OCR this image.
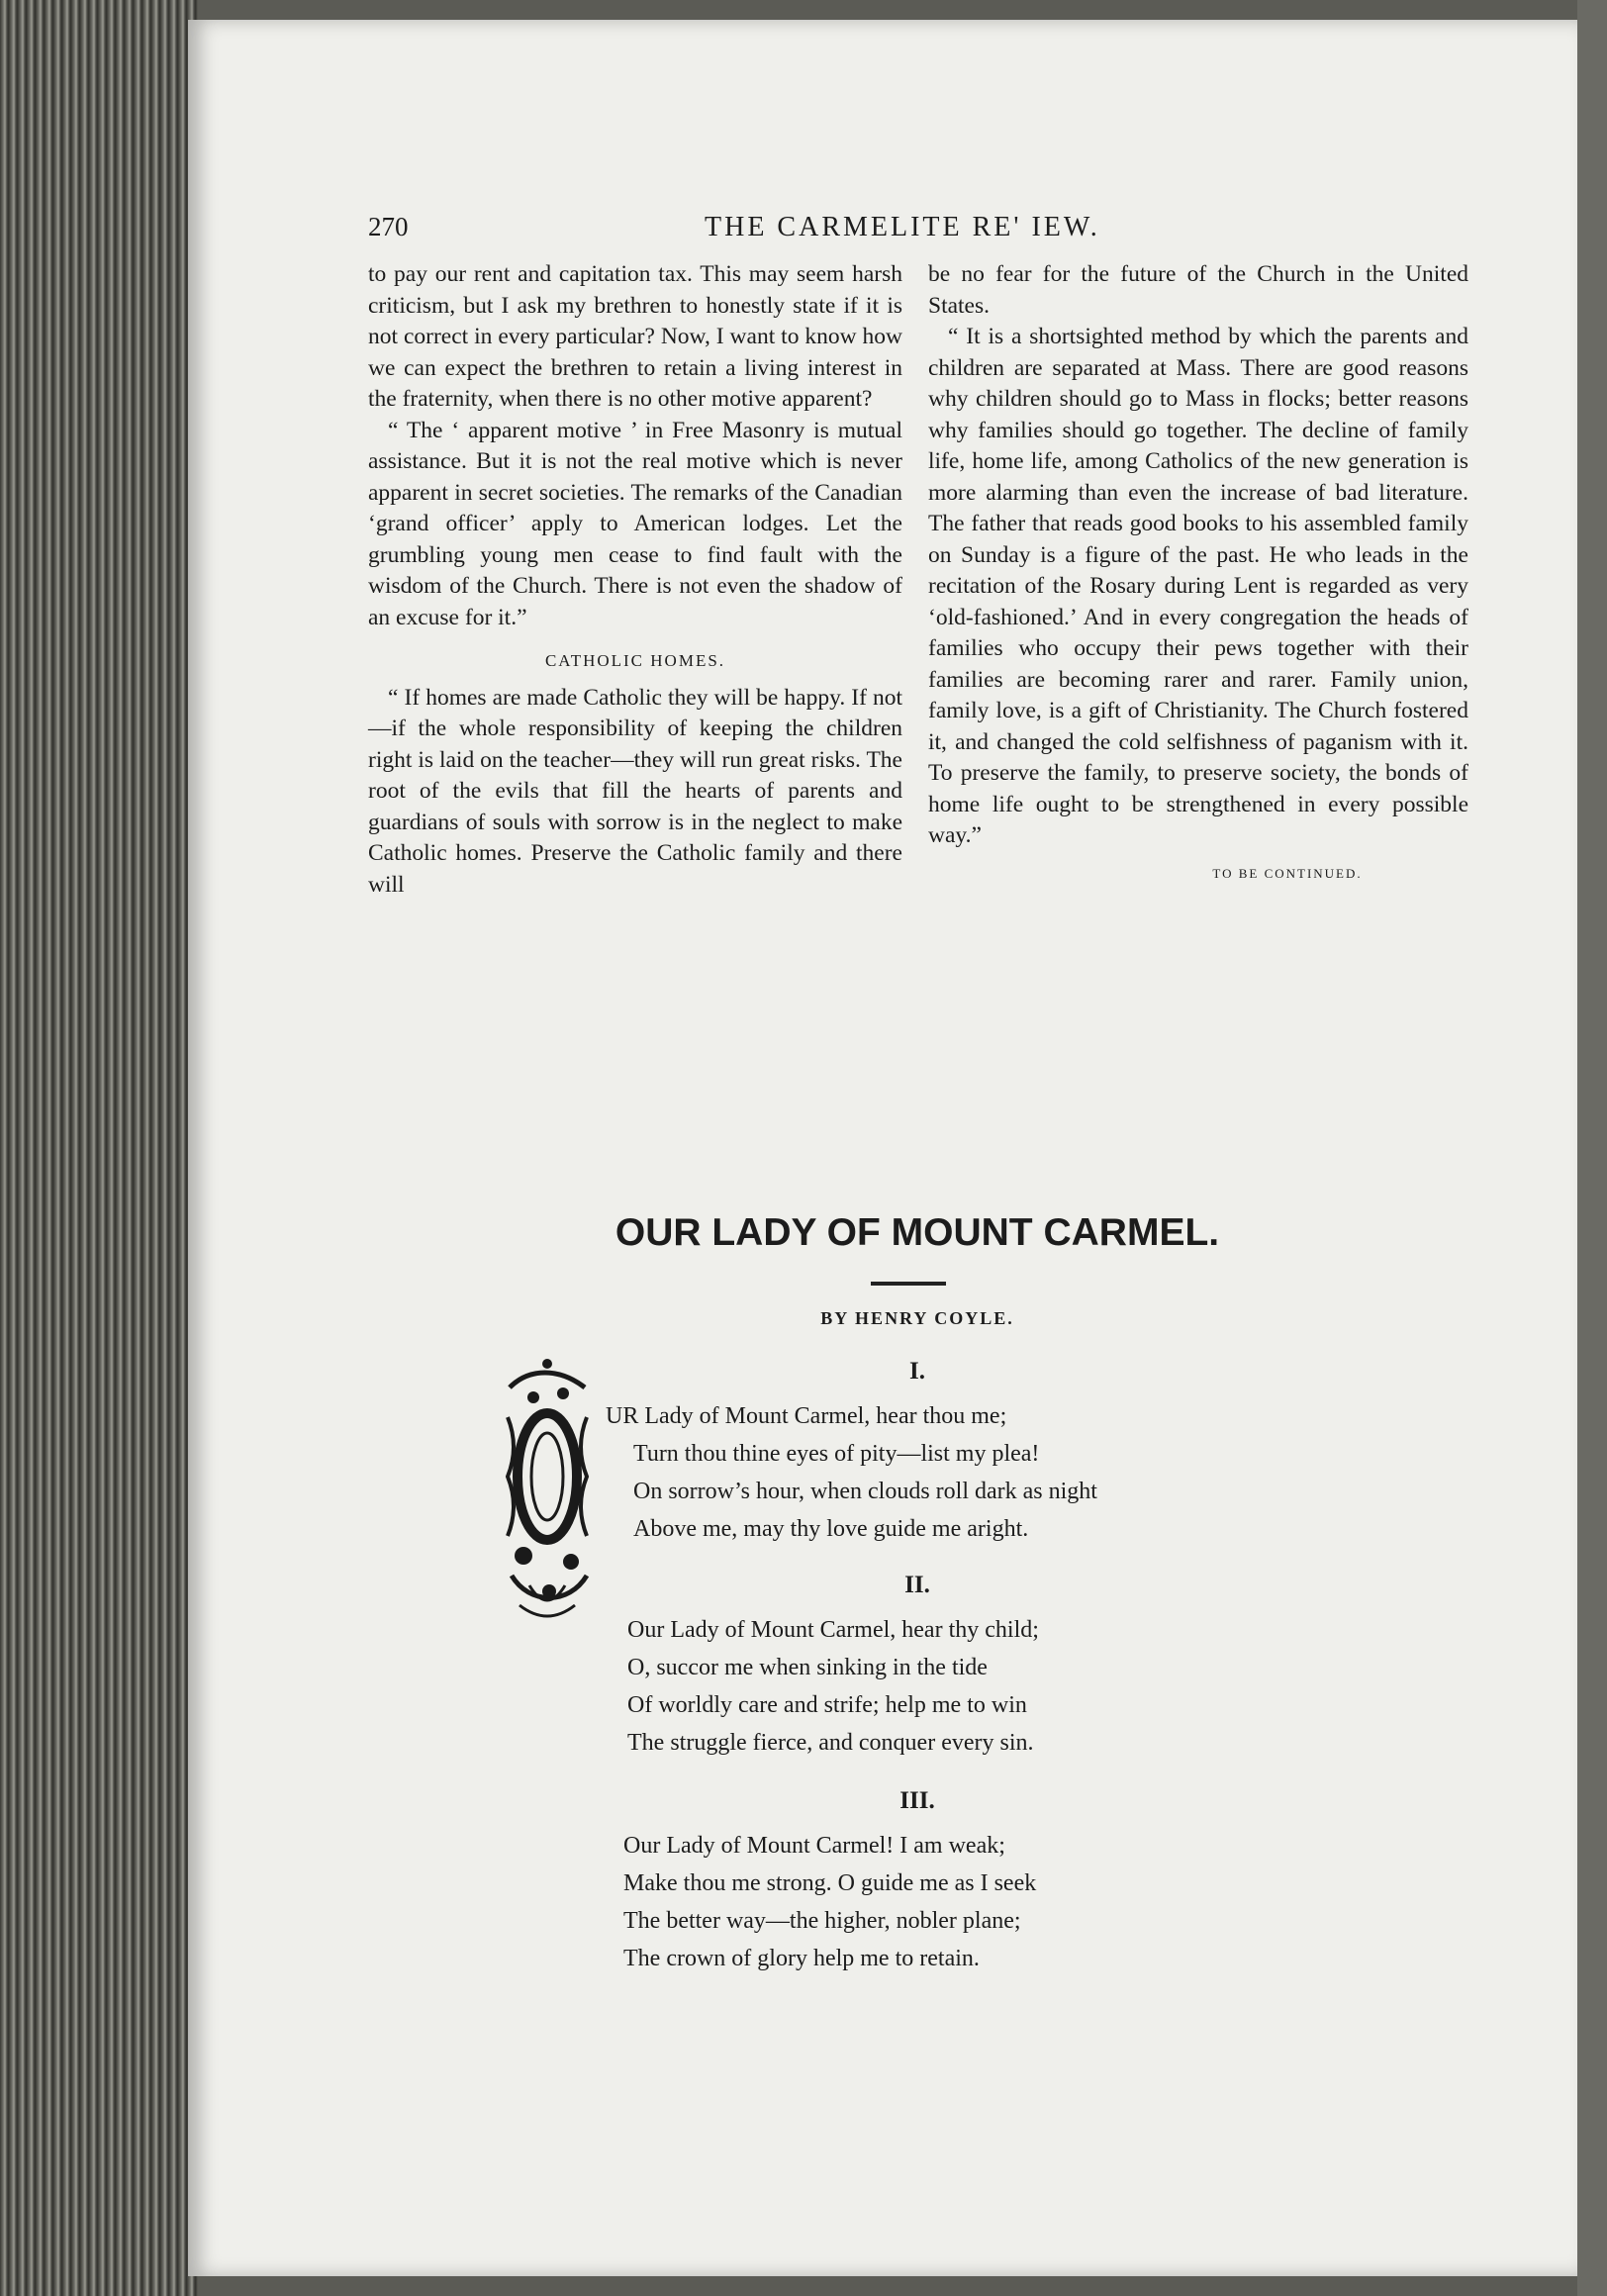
270	THE CARMELITE RE' IEW.

to pay our rent and capitation tax. This may seem harsh criticism, but I ask my brethren to honestly state if it is not correct in every particular? Now, I want to know how we can expect the brethren to retain a living interest in the fraternity, when there is no other motive apparent?

“ The ‘ apparent motive ’ in Free Masonry is mutual assistance. But it is not the real motive which is never apparent in secret societies. The remarks of the Canadian ‘grand officer’ apply to American lodges. Let the grumbling young men cease to find fault with the wisdom of the Church. There is not even the shadow of an excuse for it.”

CATHOLIC HOMES.

“ If homes are made Catholic they will be happy. If not—if the whole responsibility of keeping the children right is laid on the teacher—they will run great risks. The root of the evils that fill the hearts of parents and guardians of souls with sorrow is in the neglect to make Catholic homes. Preserve the Catholic family and there will

be no fear for the future of the Church in the United States.

“ It is a shortsighted method by which the parents and children are separated at Mass. There are good reasons why children should go to Mass in flocks; better reasons why families should go together. The decline of family life, home life, among Catholics of the new generation is more alarming than even the increase of bad literature. The father that reads good books to his assembled family on Sunday is a figure of the past. He who leads in the recitation of the Rosary during Lent is regarded as very ‘old-fashioned.’ And in every congregation the heads of families who occupy their pews together with their families are becoming rarer and rarer. Family union, family love, is a gift of Christianity. The Church fostered it, and changed the cold selfishness of paganism with it. To preserve the family, to preserve society, the bonds of home life ought to be strengthened in every possible way.”

TO BE CONTINUED.
OUR LADY OF MOUNT CARMEL.
BY HENRY COYLE.
I.
UR Lady of Mount Carmel, hear thou me;
Turn thou thine eyes of pity—list my plea!
On sorrow’s hour, when clouds roll dark as night
Above me, may thy love guide me aright.
II.
Our Lady of Mount Carmel, hear thy child;
O, succor me when sinking in the tide
Of worldly care and strife; help me to win
The struggle fierce, and conquer every sin.
III.
Our Lady of Mount Carmel! I am weak;
Make thou me strong. O guide me as I seek
The better way—the higher, nobler plane;
The crown of glory help me to retain.
